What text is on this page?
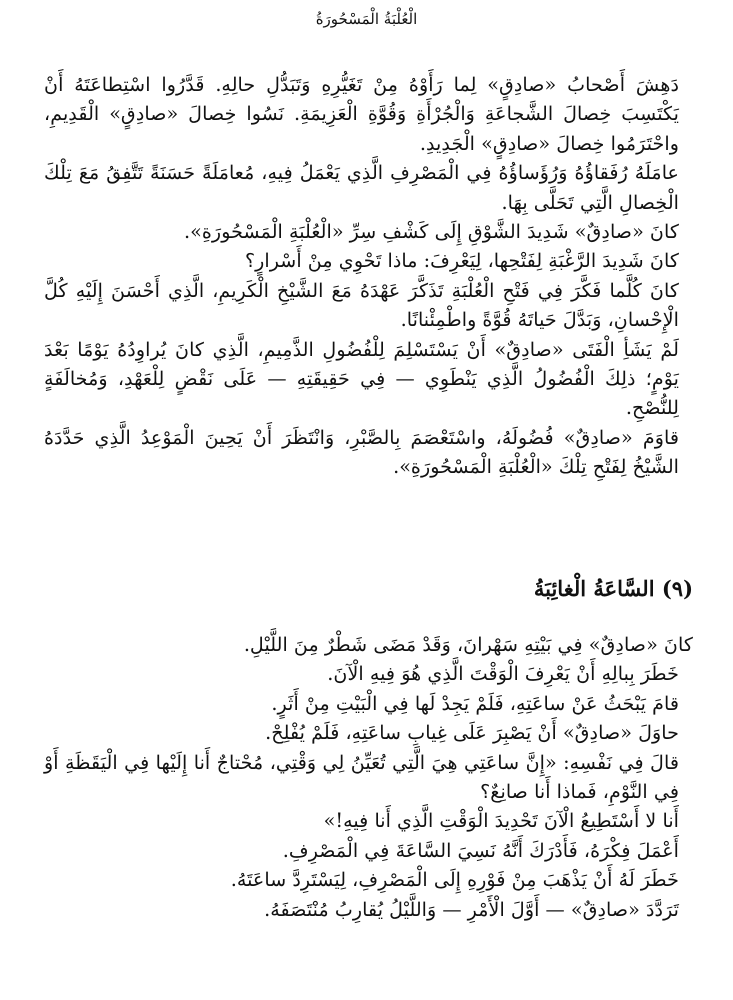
الْعُلْبَةُ الْمَسْحُورَةُ

دَهِشَ أَصْحابُ «صادِقٍ» لِما رَأَوْهُ مِنْ تَغَيُّرِهِ وَتَبَدُّلِ حالِهِ. قَدَّرُوا اسْتِطاعَتَهُ أَنْ يَكْتَسِبَ خِصالَ الشَّجاعَةِ وَالْجُرْأَةِ وَقُوَّةِ الْعَزِيمَةِ. نَسُوا خِصالَ «صادِقٍ» الْقَدِيمِ، واحْتَرَمُوا خِصالَ «صادِقٍ» الْجَدِيدِ.

عامَلَهُ رُفَقاؤُهُ وَرُؤَساؤُهُ فِي الْمَصْرِفِ الَّذِي يَعْمَلُ فِيهِ، مُعامَلَةً حَسَنَةً تَتَّفِقُ مَعَ تِلْكَ الْخِصالِ الَّتِي تَحَلَّى بِهَا.

كانَ «صادِقٌ» شَدِيدَ الشَّوْقِ إِلَى كَشْفِ سِرِّ «الْعُلْبَةِ الْمَسْحُورَةِ».

كانَ شَدِيدَ الرَّغْبَةِ لِفَتْحِها، لِيَعْرِفَ: ماذا تَحْوِي مِنْ أَسْرارٍ؟

كانَ كُلَّما فَكَّرَ فِي فَتْحِ الْعُلْبَةِ تَذَكَّرَ عَهْدَهُ مَعَ الشَّيْخِ الْكَرِيمِ، الَّذِي أَحْسَنَ إِلَيْهِ كُلَّ الْإِحْسانِ، وَبَدَّلَ حَياتَهُ قُوَّةً واطْمِئْنانًا.

لَمْ يَشَأِ الْفَتَى «صادِقٌ» أَنْ يَسْتَسْلِمَ لِلْفُضُولِ الذَّمِيمِ، الَّذِي كانَ يُراوِدُهُ يَوْمًا بَعْدَ يَوْمٍ؛ ذلِكَ الْفُضُولُ الَّذِي يَنْطَوِي — فِي حَقِيقَتِهِ — عَلَى نَقْضٍ لِلْعَهْدِ، وَمُخالَفَةٍ لِلنُّصْحِ.

قاوَمَ «صادِقٌ» فُضُولَهُ، واسْتَعْصَمَ بِالصَّبْرِ، وَانْتَظَرَ أَنْ يَحِينَ الْمَوْعِدُ الَّذِي حَدَّدَهُ الشَّيْخُ لِفَتْحِ تِلْكَ «الْعُلْبَةِ الْمَسْحُورَةِ».

(٩) السَّاعَةُ الْغائِبَةُ

كانَ «صادِقٌ» فِي بَيْتِهِ سَهْرانَ، وَقَدْ مَضَى شَطْرٌ مِنَ اللَّيْلِ.

خَطَرَ بِبالِهِ أَنْ يَعْرِفَ الْوَقْتَ الَّذِي هُوَ فِيهِ الْآنَ.

قامَ يَبْحَثُ عَنْ ساعَتِهِ، فَلَمْ يَجِدْ لَها فِي الْبَيْتِ مِنْ أَثَرٍ.

حاوَلَ «صادِقٌ» أَنْ يَصْبِرَ عَلَى غِيابِ ساعَتِهِ، فَلَمْ يُفْلِحْ.

قالَ فِي نَفْسِهِ: «إِنَّ ساعَتِي هِيَ الَّتِي تُعَيِّنُ لِي وَقْتِي، مُحْتاجٌ أَنا إِلَيْها فِي الْيَقَظَةِ أَوْ فِي النَّوْمِ، فَماذا أَنا صانِعٌ؟

أَنا لا أَسْتَطِيعُ الْآنَ تَحْدِيدَ الْوَقْتِ الَّذِي أَنا فِيهِ!»

أَعْمَلَ فِكْرَهُ، فَأَدْرَكَ أَنَّهُ نَسِيَ السَّاعَةَ فِي الْمَصْرِفِ.

خَطَرَ لَهُ أَنْ يَذْهَبَ مِنْ فَوْرِهِ إِلَى الْمَصْرِفِ، لِيَسْتَرِدَّ ساعَتَهُ.

تَرَدَّدَ «صادِقٌ» — أَوَّلَ الْأَمْرِ — وَاللَّيْلُ يُقارِبُ مُنْتَصَفَهُ.
